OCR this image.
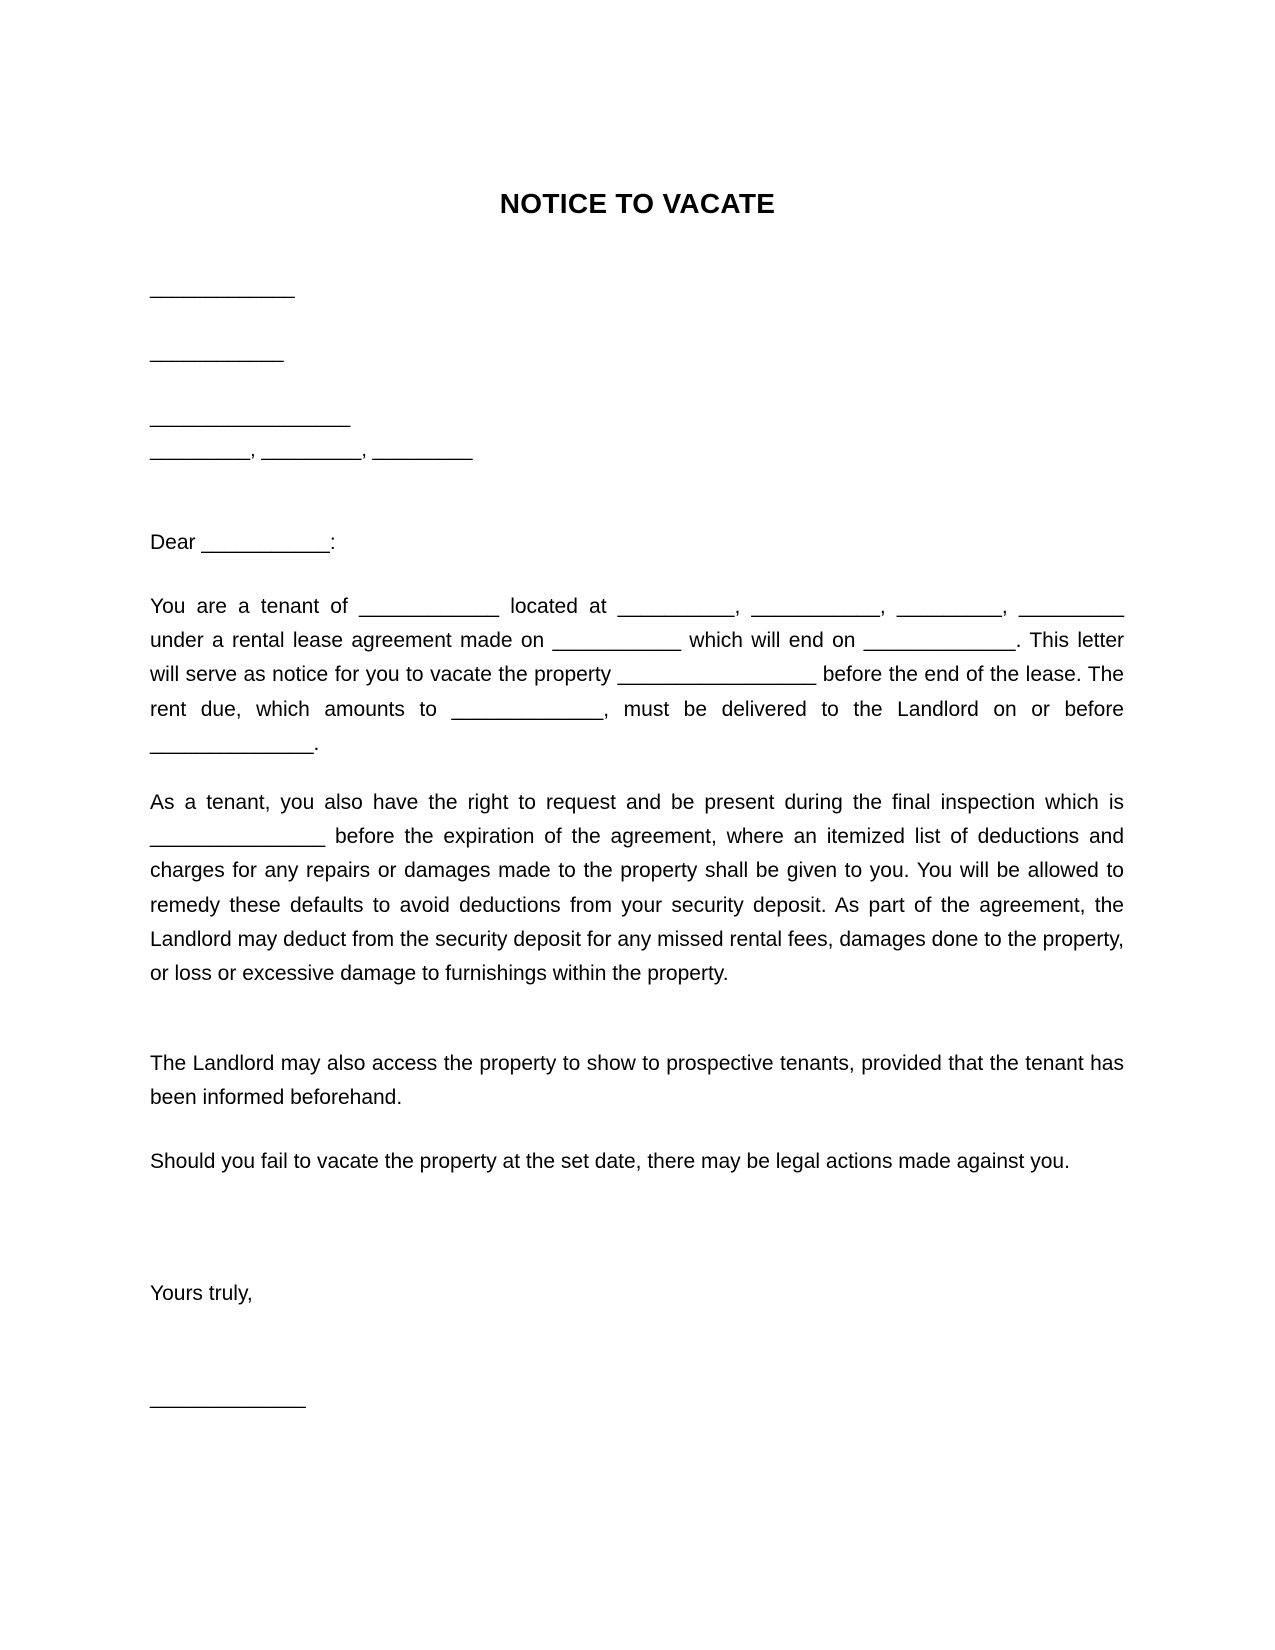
NOTICE TO VACATE
_____________
____________
__________________
_________, _________, _________
Dear ___________:

You are a tenant of ____________ located at __________, ___________, _________, _________ under a rental lease agreement made on ___________ which will end on _____________. This letter will serve as notice for you to vacate the property _________________ before the end of the lease. The rent due, which amounts to _____________, must be delivered to the Landlord on or before ______________.

As a tenant, you also have the right to request and be present during the final inspection which is _______________ before the expiration of the agreement, where an itemized list of deductions and charges for any repairs or damages made to the property shall be given to you. You will be allowed to remedy these defaults to avoid deductions from your security deposit. As part of the agreement, the Landlord may deduct from the security deposit for any missed rental fees, damages done to the property, or loss or excessive damage to furnishings within the property.

The Landlord may also access the property to show to prospective tenants, provided that the tenant has been informed beforehand.

Should you fail to vacate the property at the set date, there may be legal actions made against you.

Yours truly,
______________
